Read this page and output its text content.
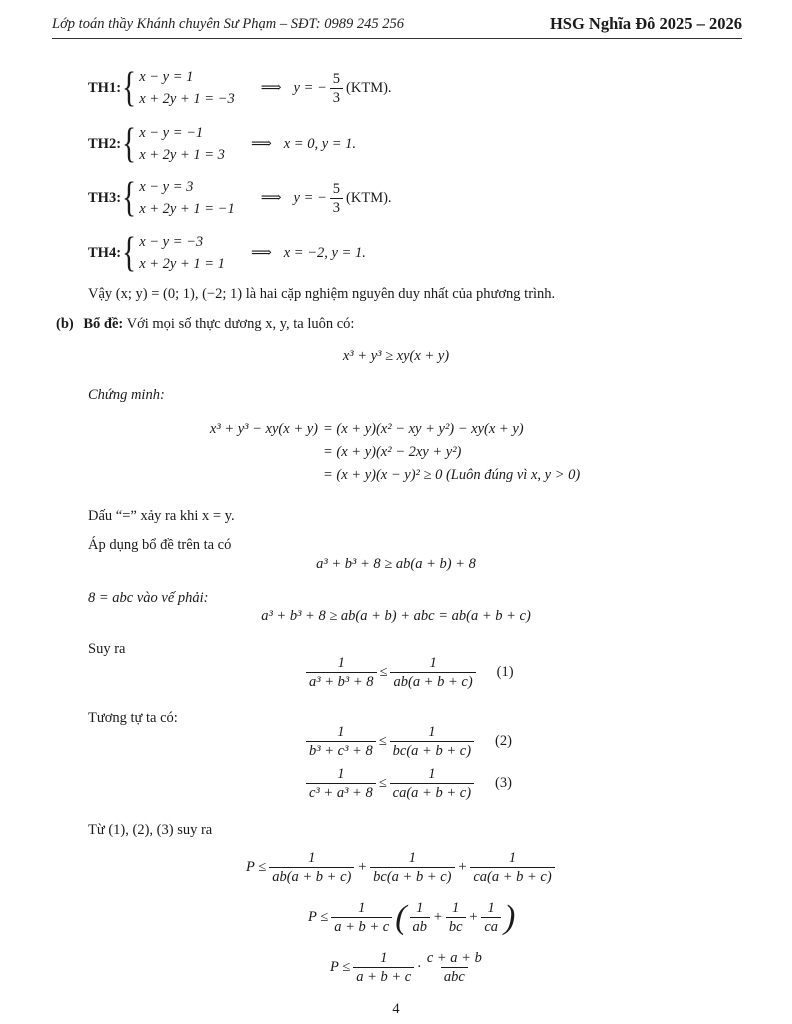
Lớp toán thầy Khánh chuyên Sư Phạm – SĐT: 0989 245 256	HSG Nghĩa Đô 2025 – 2026
TH1: { x − y = 1
x + 2y + 1 = −3
⟹ y = − $\frac{5}{3} (KTM)$.
TH2: { x − y = −1
x + 2y + 1 = 3
⟹ x = 0, y = 1.
TH3: { x − y = 3
x + 2y + 1 = −1
⟹ y = − $\frac{5}{3} (KTM)$.
TH4: { x − y = −3
x + 2y + 1 = 1
⟹ x = −2, y = 1.
Vậy (x; y) = (0; 1), (−2; 1) là hai cặp nghiệm nguyên duy nhất của phương trình.
(b) Bổ đề: Với mọi số thực dương x, y, ta luôn có:
x³ + y³ ≥ xy(x + y)
Chứng minh:
x³ + y³ − xy(x + y) = (x + y)(x² − xy + y²) − xy(x + y)
= (x + y)(x² − 2xy + y²)
= (x + y)(x − y)² ≥ 0 (Luôn đúng vì x, y > 0)
Dấu “=” xảy ra khi x = y.
Áp dụng bổ đề trên ta có
a³ + b³ + 8 ≥ ab(a + b) + 8
8 = abc vào vế phải:
a³ + b³ + 8 ≥ ab(a + b) + abc = ab(a + b + c)
Suy ra
$\frac{1}{\text{a³ + b³ + 8}} \le \frac{1}{ab(a + b + c)} (1)$
Tương tự ta có:
$\frac{1}{\text{b³ + c³ + 8}} \le \frac{1}{bc(a + b + c)} (2)$
$\frac{1}{\text{c³ + a³ + 8}} \le \frac{1}{ca(a + b + c)} (3)$
Từ (1), (2), (3) suy ra
$P \le \frac{1}{ab(a + b + c)} + \frac{1}{bc(a + b + c)} + \frac{1}{ca(a + b + c)}$
$P \le \frac{1}{a + b + c}$ ( $\frac{1}{ab} + \frac{1}{bc} + \frac{1}{ca}$ )
$P \le \frac{1}{a + b + c} \cdot \frac{c + a + b}{\text{abc}}$
4
